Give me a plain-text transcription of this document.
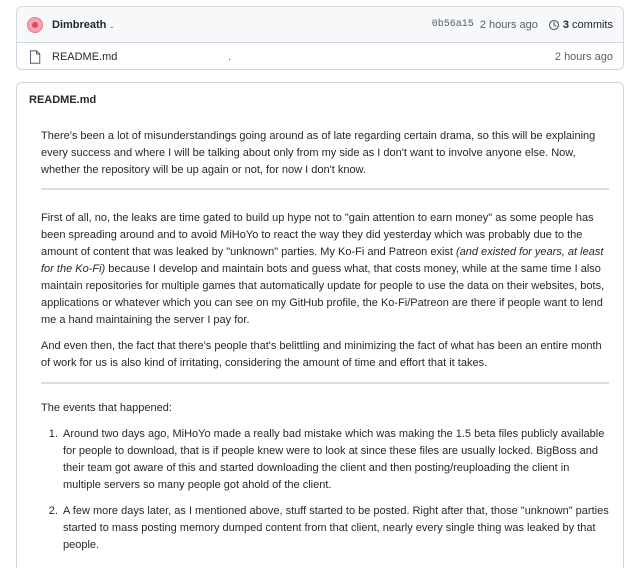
Dimbreath .	0b56a15 2 hours ago 3 commits
README.md	.	2 hours ago
README.md

There's been a lot of misunderstandings going around as of late regarding certain drama, so this will be explaining every success and where I will be talking about only from my side as I don't want to involve anyone else. Now, whether the repository will be up again or not, for now I don't know.

First of all, no, the leaks are time gated to build up hype not to "gain attention to earn money" as some people has been spreading around and to avoid MiHoYo to react the way they did yesterday which was probably due to the amount of content that was leaked by "unknown" parties. My Ko-Fi and Patreon exist (and existed for years, at least for the Ko-Fi) because I develop and maintain bots and guess what, that costs money, while at the same time I also maintain repositories for multiple games that automatically update for people to use the data on their websites, bots, applications or whatever which you can see on my GitHub profile, the Ko-Fi/Patreon are there if people want to lend me a hand maintaining the server I pay for.

And even then, the fact that there's people that's belittling and minimizing the fact of what has been an entire month of work for us is also kind of irritating, considering the amount of time and effort that it takes.

The events that happened:

1. Around two days ago, MiHoYo made a really bad mistake which was making the 1.5 beta files publicly available for people to download, that is if people knew were to look at since these files are usually locked. BigBoss and their team got aware of this and started downloading the client and then posting/reuploading the client in multiple servers so many people got ahold of the client.
2. A few more days later, as I mentioned above, stuff started to be posted. Right after that, those "unknown" parties started to mass posting memory dumped content from that client, nearly every single thing was leaked by that people.
